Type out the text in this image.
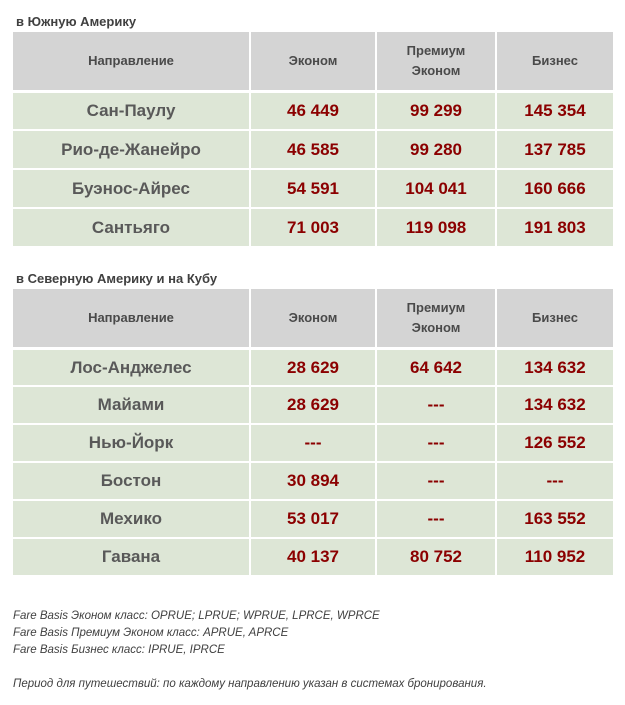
в Южную Америку
Направление	Эконом	Премиум Эконом	Бизнес
Сан-Паулу	46 449	99 299	145 354
Рио-де-Жанейро	46 585	99 280	137 785
Буэнос-Айрес	54 591	104 041	160 666
Сантьяго	71 003	119 098	191 803
в Северную Америку и на Кубу
Направление	Эконом	Премиум Эконом	Бизнес
Лос-Анджелес	28 629	64 642	134 632
Майами	28 629	---	134 632
Нью-Йорк	---	---	126 552
Бостон	30 894	---	---
Мехико	53 017	---	163 552
Гавана	40 137	80 752	110 952
Fare Basis Эконом класс: OPRUE; LPRUE; WPRUE, LPRCE, WPRCE
Fare Basis Премиум Эконом класс: APRUE, APRCE
Fare Basis Бизнес класс: IPRUE, IPRCE
Период для путешествий: по каждому направлению указан в системах бронирования.
